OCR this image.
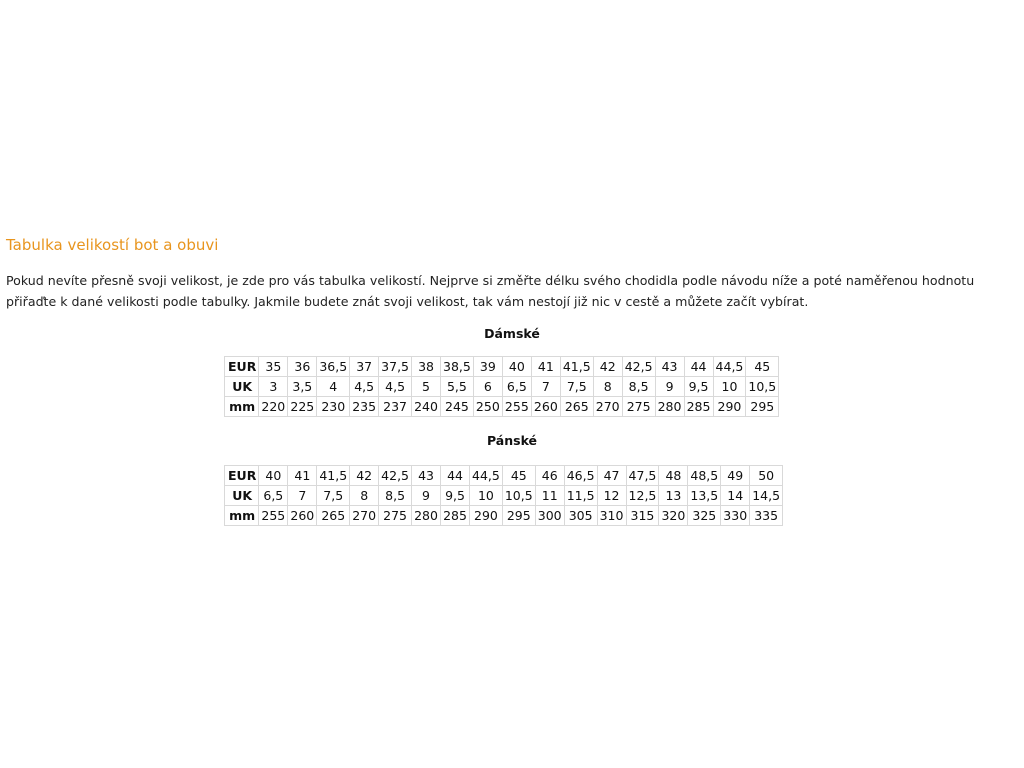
Tabulka velikostí bot a obuvi

Pokud nevíte přesně svoji velikost, je zde pro vás tabulka velikostí. Nejprve si změřte délku svého chodidla podle návodu níže a poté naměřenou hodnotu přiřaďte k dané velikosti podle tabulky. Jakmile budete znát svoji velikost, tak vám nestojí již nic v cestě a můžete začít vybírat.

Dámské

EUR	35	36	36,5	37	37,5	38	38,5	39	40	41	41,5	42	42,5	43	44	44,5	45
UK	3	3,5	4	4,5	4,5	5	5,5	6	6,5	7	7,5	8	8,5	9	9,5	10	10,5
mm	220	225	230	235	237	240	245	250	255	260	265	270	275	280	285	290	295

Pánské

EUR	40	41	41,5	42	42,5	43	44	44,5	45	46	46,5	47	47,5	48	48,5	49	50
UK	6,5	7	7,5	8	8,5	9	9,5	10	10,5	11	11,5	12	12,5	13	13,5	14	14,5
mm	255	260	265	270	275	280	285	290	295	300	305	310	315	320	325	330	335
